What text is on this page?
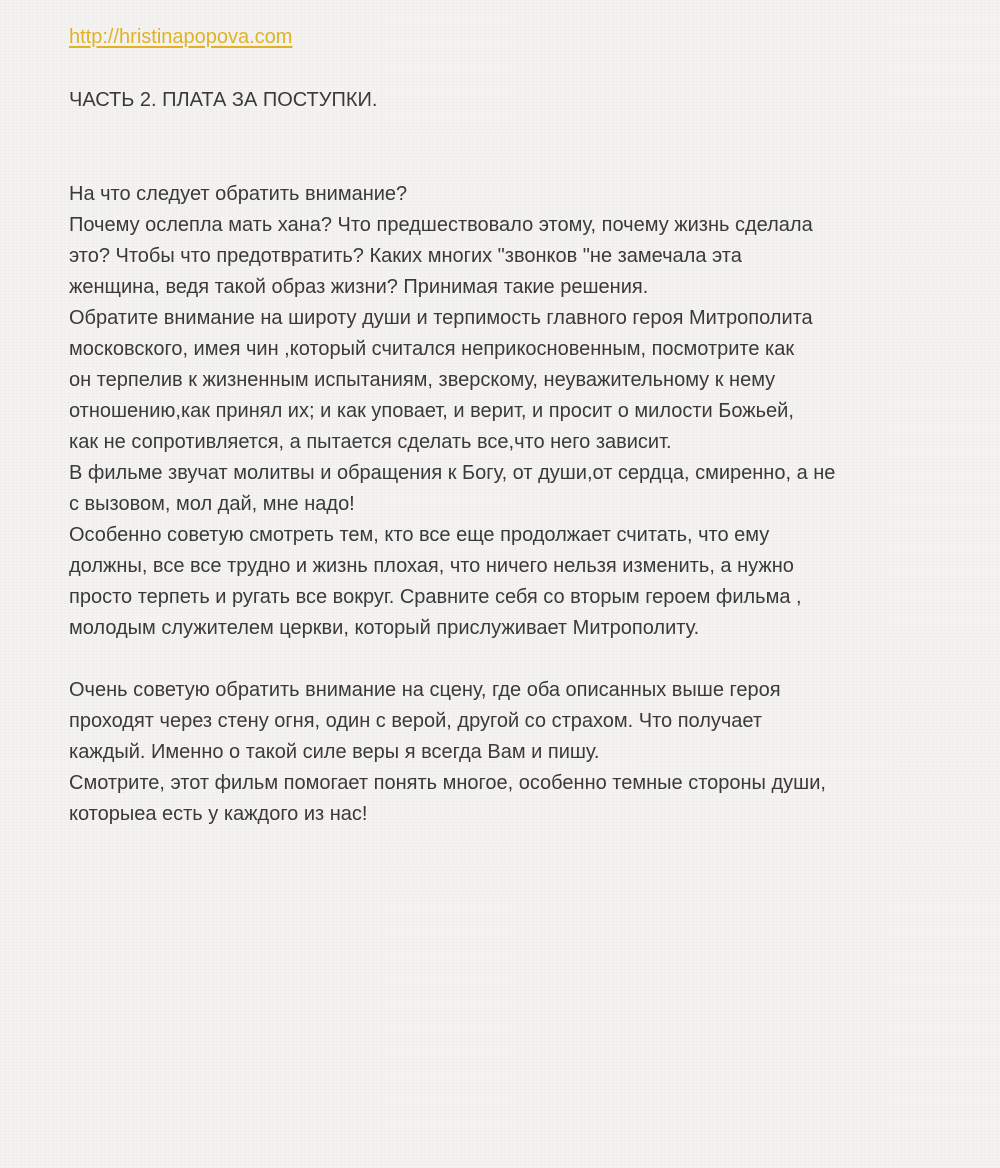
http://hristinapopova.com
ЧАСТЬ 2. ПЛАТА ЗА ПОСТУПКИ.

На что следует обратить внимание?

Почему ослепла мать хана? Что предшествовало этому, почему жизнь сделала

это? Чтобы что предотвратить? Каких многих "звонков "не замечала эта

женщина, ведя такой образ жизни? Принимая такие решения.

Обратите внимание на широту души и терпимость главного героя Митрополита

московского, имея чин ,который считался неприкосновенным, посмотрите как

он терпелив к жизненным испытаниям, зверскому, неуважительному к нему

отношению,как принял их; и как уповает, и верит, и просит о милости Божьей,

как не сопротивляется, а пытается сделать все,что него зависит.

В фильме звучат молитвы и обращения к Богу, от души,от сердца, смиренно, а не

с вызовом, мол дай, мне надо!

Особенно советую смотреть тем, кто все еще продолжает считать, что ему

должны, все все трудно и жизнь плохая, что ничего нельзя изменить, а нужно

просто терпеть и ругать все вокруг. Сравните себя со вторым героем фильма ,

молодым служителем церкви, который прислуживает Митрополиту.

Очень советую обратить внимание на сцену, где оба описанных выше героя

проходят через стену огня, один с верой, другой со страхом. Что получает

каждый. Именно о такой силе веры я всегда Вам и пишу.

Смотрите, этот фильм помогает понять многое, особенно темные стороны души,

которыеа есть у каждого из нас!
